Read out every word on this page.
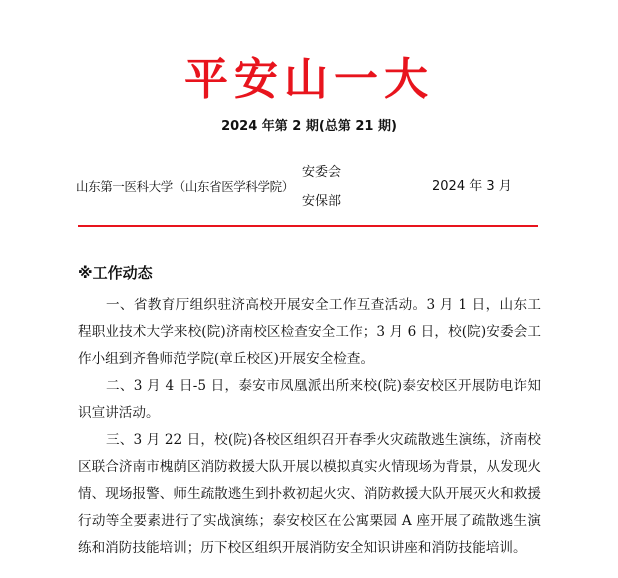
平安山一大
2024 年第 2 期(总第 21 期)
山东第一医科大学（山东省医学科学院）
安委会
安保部
2024 年 3 月
※工作动态

一、省教育厅组织驻济高校开展安全工作互查活动。3 月 1 日，山东工程职业技术大学来校(院)济南校区检查安全工作；3 月 6 日，校(院)安委会工作小组到齐鲁师范学院(章丘校区)开展安全检查。

二、3 月 4 日-5 日，泰安市凤凰派出所来校(院)泰安校区开展防电诈知识宣讲活动。

三、3 月 22 日，校(院)各校区组织召开春季火灾疏散逃生演练，济南校区联合济南市槐荫区消防救援大队开展以模拟真实火情现场为背景，从发现火情、现场报警、师生疏散逃生到扑救初起火灾、消防救援大队开展灭火和救援行动等全要素进行了实战演练；泰安校区在公寓栗园 A 座开展了疏散逃生演练和消防技能培训；历下校区组织开展消防安全知识讲座和消防技能培训。
